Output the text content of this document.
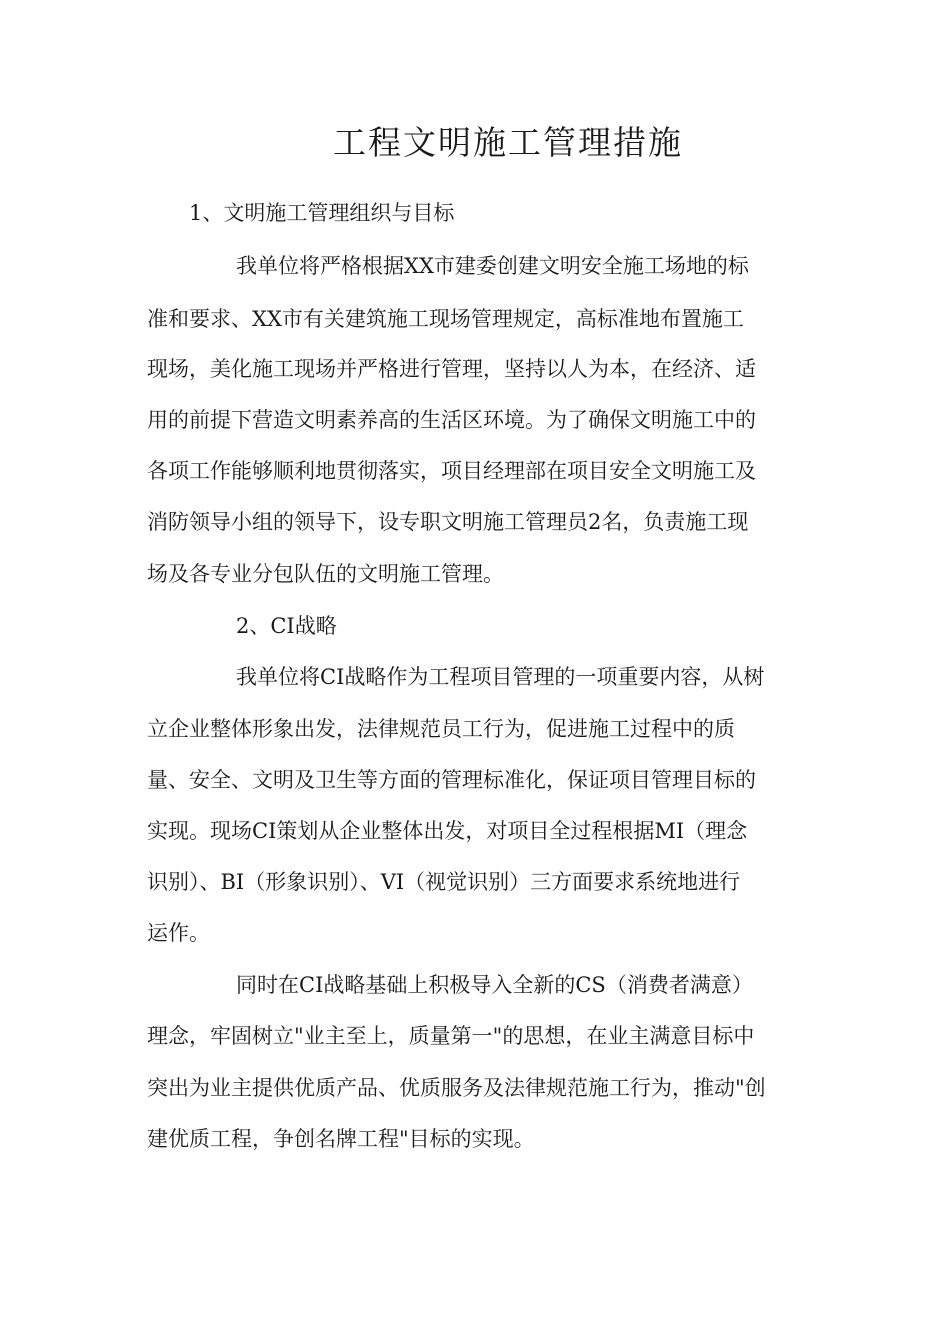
工程文明施工管理措施

1、文明施工管理组织与目标

我单位将严格根据XX市建委创建文明安全施工场地的标

准和要求、XX市有关建筑施工现场管理规定，高标准地布置施工

现场，美化施工现场并严格进行管理，坚持以人为本，在经济、适

用的前提下营造文明素养高的生活区环境。为了确保文明施工中的

各项工作能够顺利地贯彻落实，项目经理部在项目安全文明施工及

消防领导小组的领导下，设专职文明施工管理员2名，负责施工现

场及各专业分包队伍的文明施工管理。

2、CI战略

我单位将CI战略作为工程项目管理的一项重要内容，从树

立企业整体形象出发，法律规范员工行为，促进施工过程中的质

量、安全、文明及卫生等方面的管理标准化，保证项目管理目标的

实现。现场CI策划从企业整体出发，对项目全过程根据MI（理念

识别）、BI（形象识别）、VI（视觉识别）三方面要求系统地进行

运作。

同时在CI战略基础上积极导入全新的CS（消费者满意）

理念，牢固树立"业主至上，质量第一"的思想，在业主满意目标中

突出为业主提供优质产品、优质服务及法律规范施工行为，推动"创

建优质工程，争创名牌工程"目标的实现。
